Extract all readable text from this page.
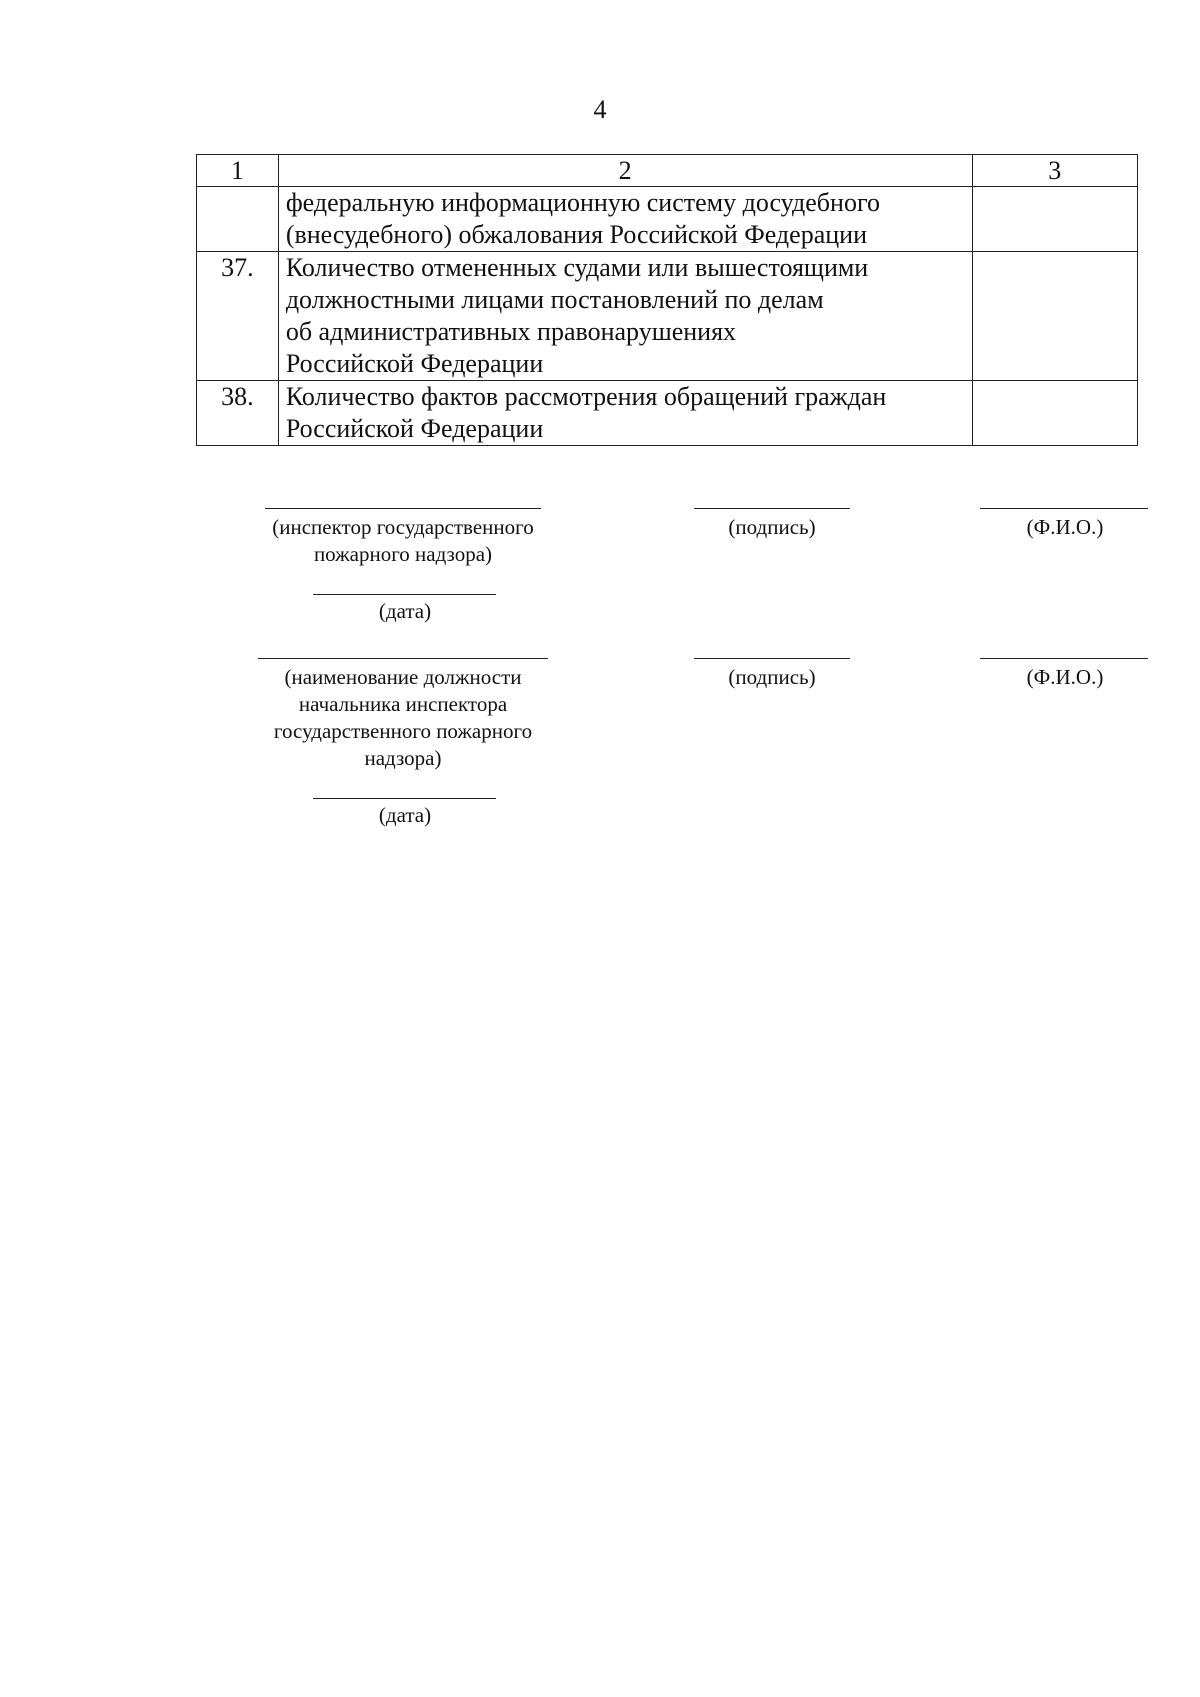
4
1	2	3

	федеральную информационную систему досудебного
(внесудебного) обжалования Российской Федерации	

37.	Количество отмененных судами или вышестоящими
должностными лицами постановлений по делам
об административных правонарушениях
Российской Федерации	

38.	Количество фактов рассмотрения обращений граждан
Российской Федерации	

(инспектор государственного
пожарного надзора)
(подпись)	(Ф.И.О.)
(дата)
(наименование должности
начальника инспектора
государственного пожарного
надзора)
(подпись)	(Ф.И.О.)
(дата)
